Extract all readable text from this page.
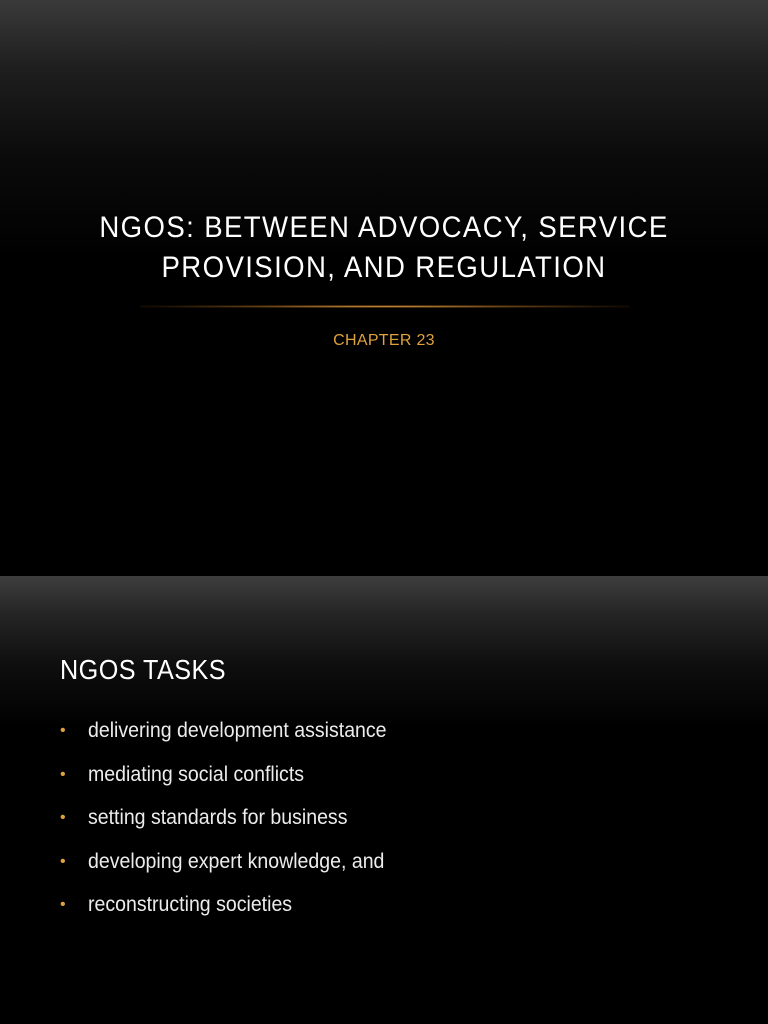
NGOS: BETWEEN ADVOCACY, SERVICE
PROVISION, AND REGULATION
CHAPTER 23
NGOS TASKS
• delivering development assistance
• mediating social conflicts
• setting standards for business
• developing expert knowledge, and
• reconstructing societies
